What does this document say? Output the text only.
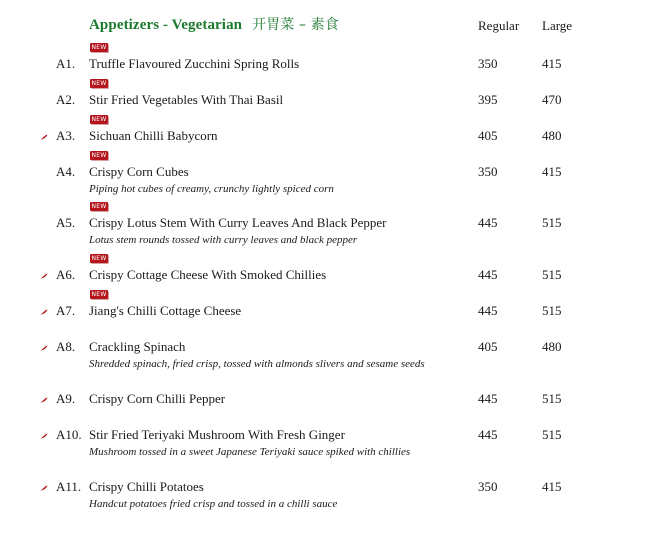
Appetizers - Vegetarian 开胃菜 – 素食	Regular Large
NEW
A1. Truffle Flavoured Zucchini Spring Rolls	350	415
NEW
A2. Stir Fried Vegetables With Thai Basil	395	470
NEW
A3. Sichuan Chilli Babycorn	405	480
NEW
A4. Crispy Corn Cubes
Piping hot cubes of creamy, crunchy lightly spiced corn
350	415
NEW
A5. Crispy Lotus Stem With Curry Leaves And Black Pepper
Lotus stem rounds tossed with curry leaves and black pepper
445	515
NEW
A6. Crispy Cottage Cheese With Smoked Chillies	445	515
NEW
A7. Jiang's Chilli Cottage Cheese	445	515
A8. Crackling Spinach
Shredded spinach, fried crisp, tossed with almonds slivers and sesame seeds
405	480
A9. Crispy Corn Chilli Pepper	445	515
A10. Stir Fried Teriyaki Mushroom With Fresh Ginger
Mushroom tossed in a sweet Japanese Teriyaki sauce spiked with chillies
445	515
A11. Crispy Chilli Potatoes
Handcut potatoes fried crisp and tossed in a chilli sauce
350	415
